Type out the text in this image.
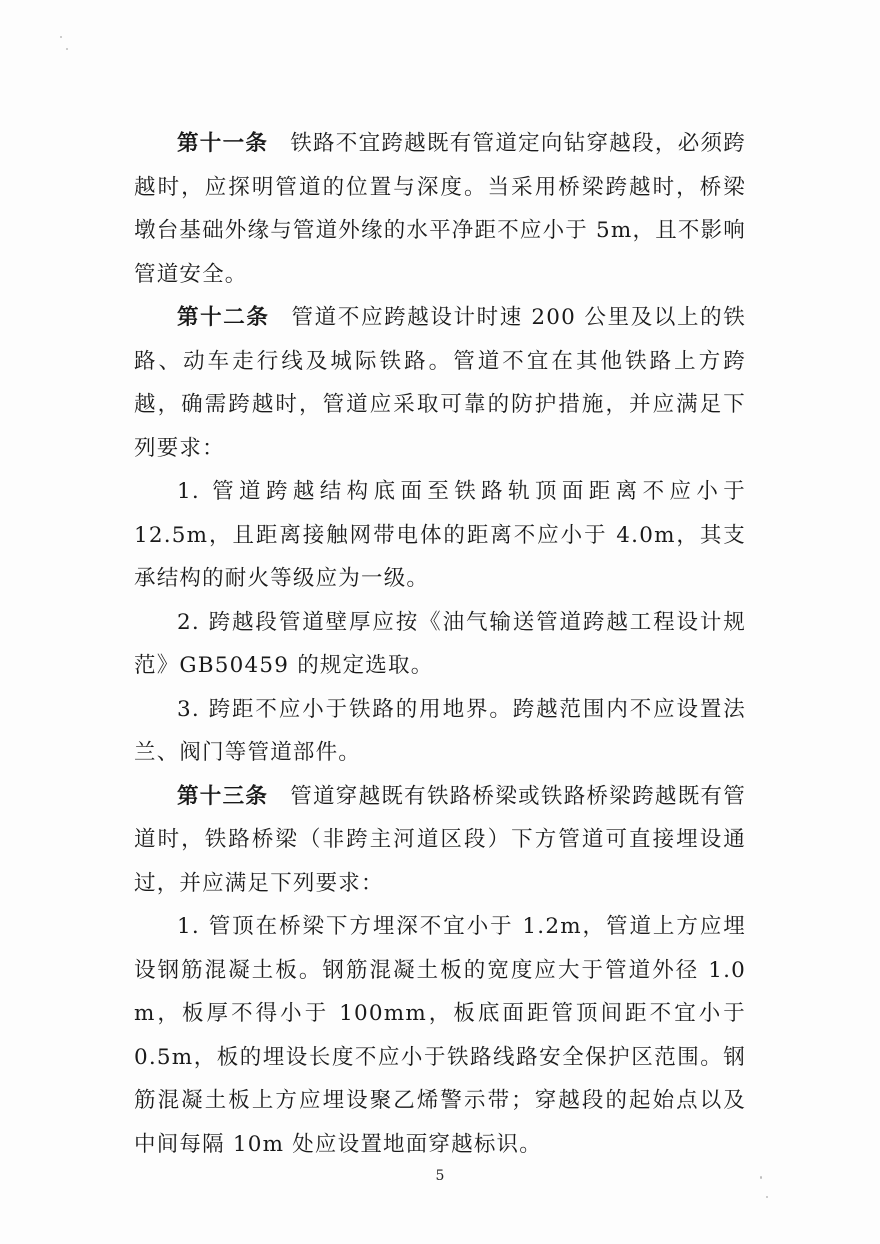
第十一条 铁路不宜跨越既有管道定向钻穿越段，必须跨越时，应探明管道的位置与深度。当采用桥梁跨越时，桥梁墩台基础外缘与管道外缘的水平净距不应小于 5m，且不影响管道安全。

第十二条 管道不应跨越设计时速 200 公里及以上的铁路、动车走行线及城际铁路。管道不宜在其他铁路上方跨越，确需跨越时，管道应采取可靠的防护措施，并应满足下列要求：

1. 管道跨越结构底面至铁路轨顶面距离不应小于 12.5m，且距离接触网带电体的距离不应小于 4.0m，其支承结构的耐火等级应为一级。

2. 跨越段管道壁厚应按《油气输送管道跨越工程设计规范》GB50459 的规定选取。

3. 跨距不应小于铁路的用地界。跨越范围内不应设置法兰、阀门等管道部件。

第十三条 管道穿越既有铁路桥梁或铁路桥梁跨越既有管道时，铁路桥梁（非跨主河道区段）下方管道可直接埋设通过，并应满足下列要求：

1. 管顶在桥梁下方埋深不宜小于 1.2m，管道上方应埋设钢筋混凝土板。钢筋混凝土板的宽度应大于管道外径 1.0 m，板厚不得小于 100mm，板底面距管顶间距不宜小于 0.5m，板的埋设长度不应小于铁路线路安全保护区范围。钢筋混凝土板上方应埋设聚乙烯警示带；穿越段的起始点以及中间每隔 10m 处应设置地面穿越标识。

5
